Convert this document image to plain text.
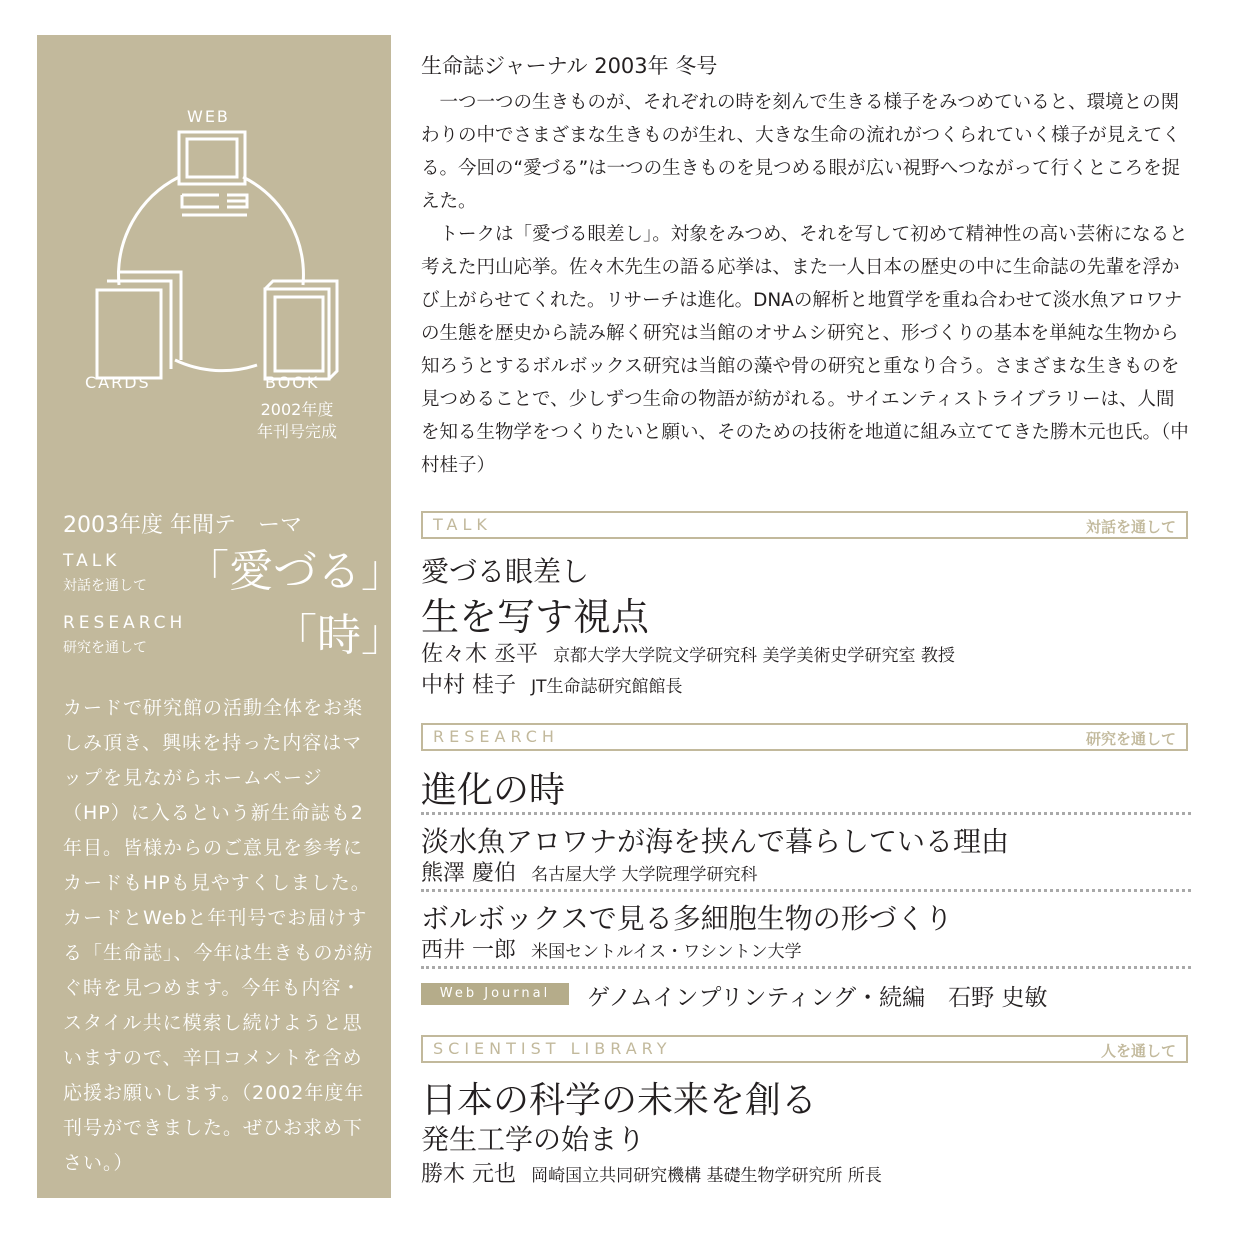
WEB
CARDS	BOOK
2002年度
年刊号完成
2003年度 年間テ　ーマ
TALK
対話を通して 「愛づる」
RESEARCH
研究を通して	「時」
カードで研究館の活動全体をお楽しみ頂き、興味を持った内容はマップを見ながらホームページ（HP）に入るという新生命誌も2年目。皆様からのご意見を参考にカードもHPも見やすくしました。カードとWebと年刊号でお届けする「生命誌」、今年は生きものが紡ぐ時を見つめます。今年も内容・スタイル共に模索し続けようと思いますので、辛口コメントを含め応援お願いします。（2002年度年刊号ができました。ぜひお求め下さい。）
生命誌ジャーナル 2003年 冬号

一つ一つの生きものが、それぞれの時を刻んで生きる様子をみつめていると、環境との関わりの中でさまざまな生きものが生れ、大きな生命の流れがつくられていく様子が見えてくる。今回の“愛づる”は一つの生きものを見つめる眼が広い視野へつながって行くところを捉えた。

トークは「愛づる眼差し」。対象をみつめ、それを写して初めて精神性の高い芸術になると考えた円山応挙。佐々木先生の語る応挙は、また一人日本の歴史の中に生命誌の先輩を浮かび上がらせてくれた。リサーチは進化。DNAの解析と地質学を重ね合わせて淡水魚アロワナの生態を歴史から読み解く研究は当館のオサムシ研究と、形づくりの基本を単純な生物から知ろうとするボルボックス研究は当館の藻や骨の研究と重なり合う。さまざまな生きものを見つめることで、少しずつ生命の物語が紡がれる。サイエンティストライブラリーは、人間を知る生物学をつくりたいと願い、そのための技術を地道に組み立ててきた勝木元也氏。（中村桂子）

TALK	対話を通して
愛づる眼差し
生を写す視点
佐々木 丞平 京都大学大学院文学研究科 美学美術史学研究室 教授
中村 桂子 JT生命誌研究館館長
RESEARCH	研究を通して
進化の時
淡水魚アロワナが海を挟んで暮らしている理由
熊澤 慶伯 名古屋大学 大学院理学研究科
ボルボックスで見る多細胞生物の形づくり
西井 一郎 米国セントルイス・ワシントン大学
Web Journal	ゲノムインプリンティング・続編　石野 史敏
SCIENTIST LIBRARY	人を通して
日本の科学の未来を創る
発生工学の始まり
勝木 元也 岡崎国立共同研究機構 基礎生物学研究所 所長
